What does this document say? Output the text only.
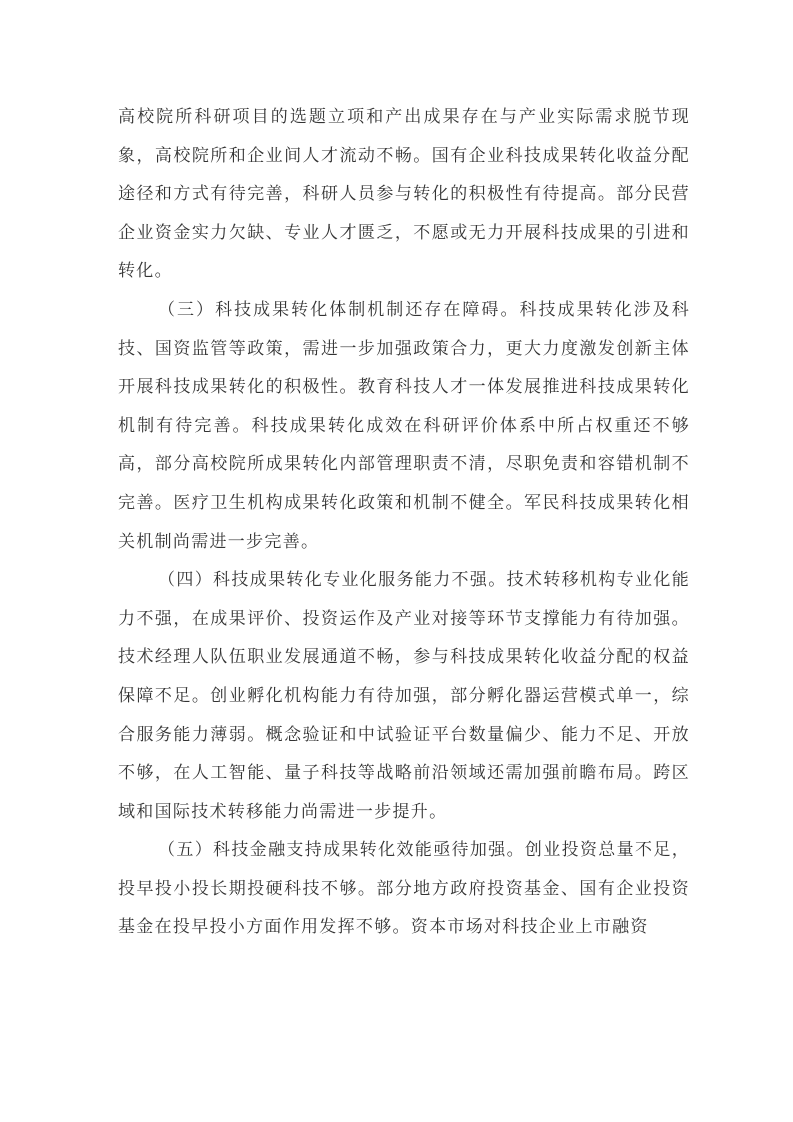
高校院所科研项目的选题立项和产出成果存在与产业实际需求脱节现象，高校院所和企业间人才流动不畅。国有企业科技成果转化收益分配途径和方式有待完善，科研人员参与转化的积极性有待提高。部分民营企业资金实力欠缺、专业人才匮乏，不愿或无力开展科技成果的引进和转化。

（三）科技成果转化体制机制还存在障碍。科技成果转化涉及科技、国资监管等政策，需进一步加强政策合力，更大力度激发创新主体开展科技成果转化的积极性。教育科技人才一体发展推进科技成果转化机制有待完善。科技成果转化成效在科研评价体系中所占权重还不够高，部分高校院所成果转化内部管理职责不清，尽职免责和容错机制不完善。医疗卫生机构成果转化政策和机制不健全。军民科技成果转化相关机制尚需进一步完善。

（四）科技成果转化专业化服务能力不强。技术转移机构专业化能力不强，在成果评价、投资运作及产业对接等环节支撑能力有待加强。技术经理人队伍职业发展通道不畅，参与科技成果转化收益分配的权益保障不足。创业孵化机构能力有待加强，部分孵化器运营模式单一，综合服务能力薄弱。概念验证和中试验证平台数量偏少、能力不足、开放不够，在人工智能、量子科技等战略前沿领域还需加强前瞻布局。跨区域和国际技术转移能力尚需进一步提升。

（五）科技金融支持成果转化效能亟待加强。创业投资总量不足，投早投小投长期投硬科技不够。部分地方政府投资基金、国有企业投资基金在投早投小方面作用发挥不够。资本市场对科技企业上市融资
